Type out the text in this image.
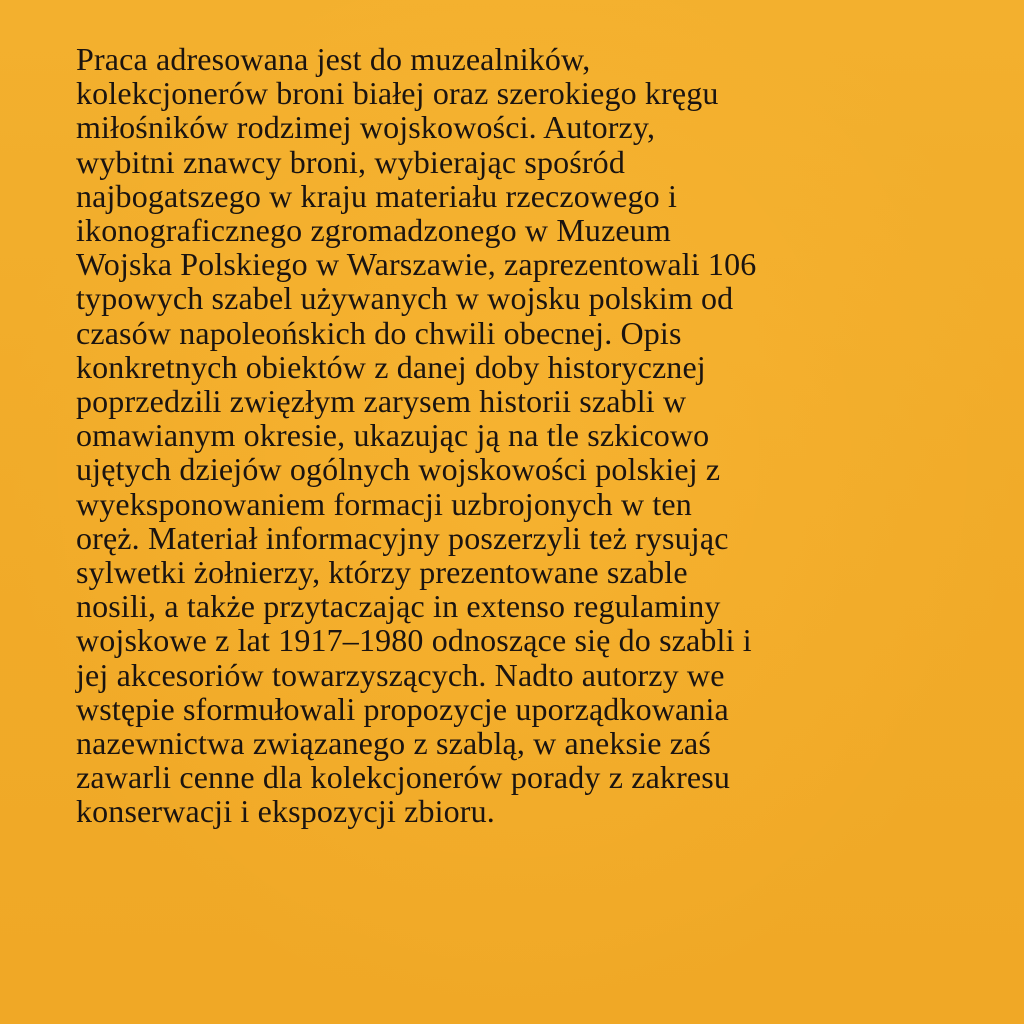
Praca adresowana jest do muzealników,
kolekcjonerów broni białej oraz szerokiego kręgu
miłośników rodzimej wojskowości. Autorzy,
wybitni znawcy broni, wybierając spośród
najbogatszego w kraju materiału rzeczowego i
ikonograficznego zgromadzonego w Muzeum
Wojska Polskiego w Warszawie, zaprezentowali 106
typowych szabel używanych w wojsku polskim od
czasów napoleońskich do chwili obecnej. Opis
konkretnych obiektów z danej doby historycznej
poprzedzili zwięzłym zarysem historii szabli w
omawianym okresie, ukazując ją na tle szkicowo
ujętych dziejów ogólnych wojskowości polskiej z
wyeksponowaniem formacji uzbrojonych w ten
oręż. Materiał informacyjny poszerzyli też rysując
sylwetki żołnierzy, którzy prezentowane szable
nosili, a także przytaczając in extenso regulaminy
wojskowe z lat 1917–1980 odnoszące się do szabli i
jej akcesoriów towarzyszących. Nadto autorzy we
wstępie sformułowali propozycje uporządkowania
nazewnictwa związanego z szablą, w aneksie zaś
zawarli cenne dla kolekcjonerów porady z zakresu
konserwacji i ekspozycji zbioru.
